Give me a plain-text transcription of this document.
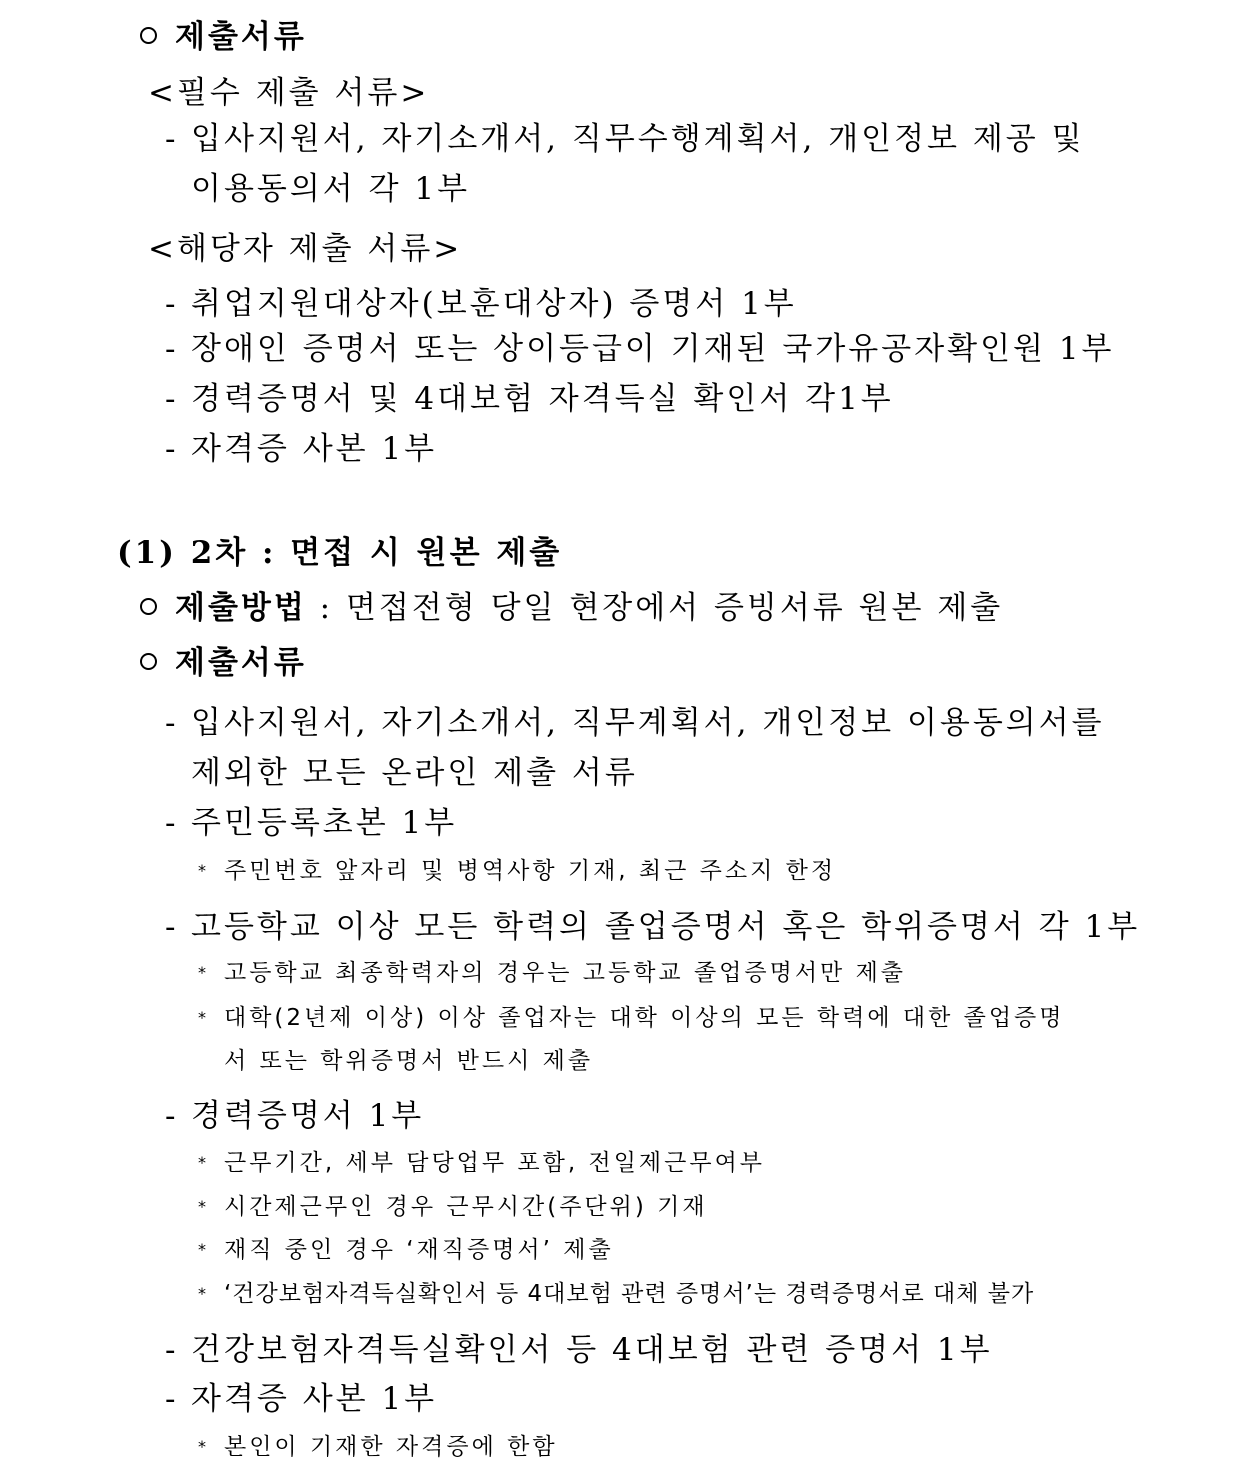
제출서류
<필수 제출 서류>
- 입사지원서, 자기소개서, 직무수행계획서, 개인정보 제공 및
이용동의서 각 1부
<해당자 제출 서류>
- 취업지원대상자(보훈대상자) 증명서 1부
- 장애인 증명서 또는 상이등급이 기재된 국가유공자확인원 1부
- 경력증명서 및 4대보험 자격득실 확인서 각1부
- 자격증 사본 1부
(1) 2차 : 면접 시 원본 제출
제출방법 : 면접전형 당일 현장에서 증빙서류 원본 제출
제출서류
- 입사지원서, 자기소개서, 직무계획서, 개인정보 이용동의서를
제외한 모든 온라인 제출 서류
- 주민등록초본 1부
* 주민번호 앞자리 및 병역사항 기재, 최근 주소지 한정
- 고등학교 이상 모든 학력의 졸업증명서 혹은 학위증명서 각 1부
* 고등학교 최종학력자의 경우는 고등학교 졸업증명서만 제출
* 대학(2년제 이상) 이상 졸업자는 대학 이상의 모든 학력에 대한 졸업증명
서 또는 학위증명서 반드시 제출
- 경력증명서 1부
* 근무기간, 세부 담당업무 포함, 전일제근무여부
* 시간제근무인 경우 근무시간(주단위) 기재
* 재직 중인 경우 ‘재직증명서’ 제출
* ‘건강보험자격득실확인서 등 4대보험 관련 증명서’는 경력증명서로 대체 불가
- 건강보험자격득실확인서 등 4대보험 관련 증명서 1부
- 자격증 사본 1부
* 본인이 기재한 자격증에 한함
